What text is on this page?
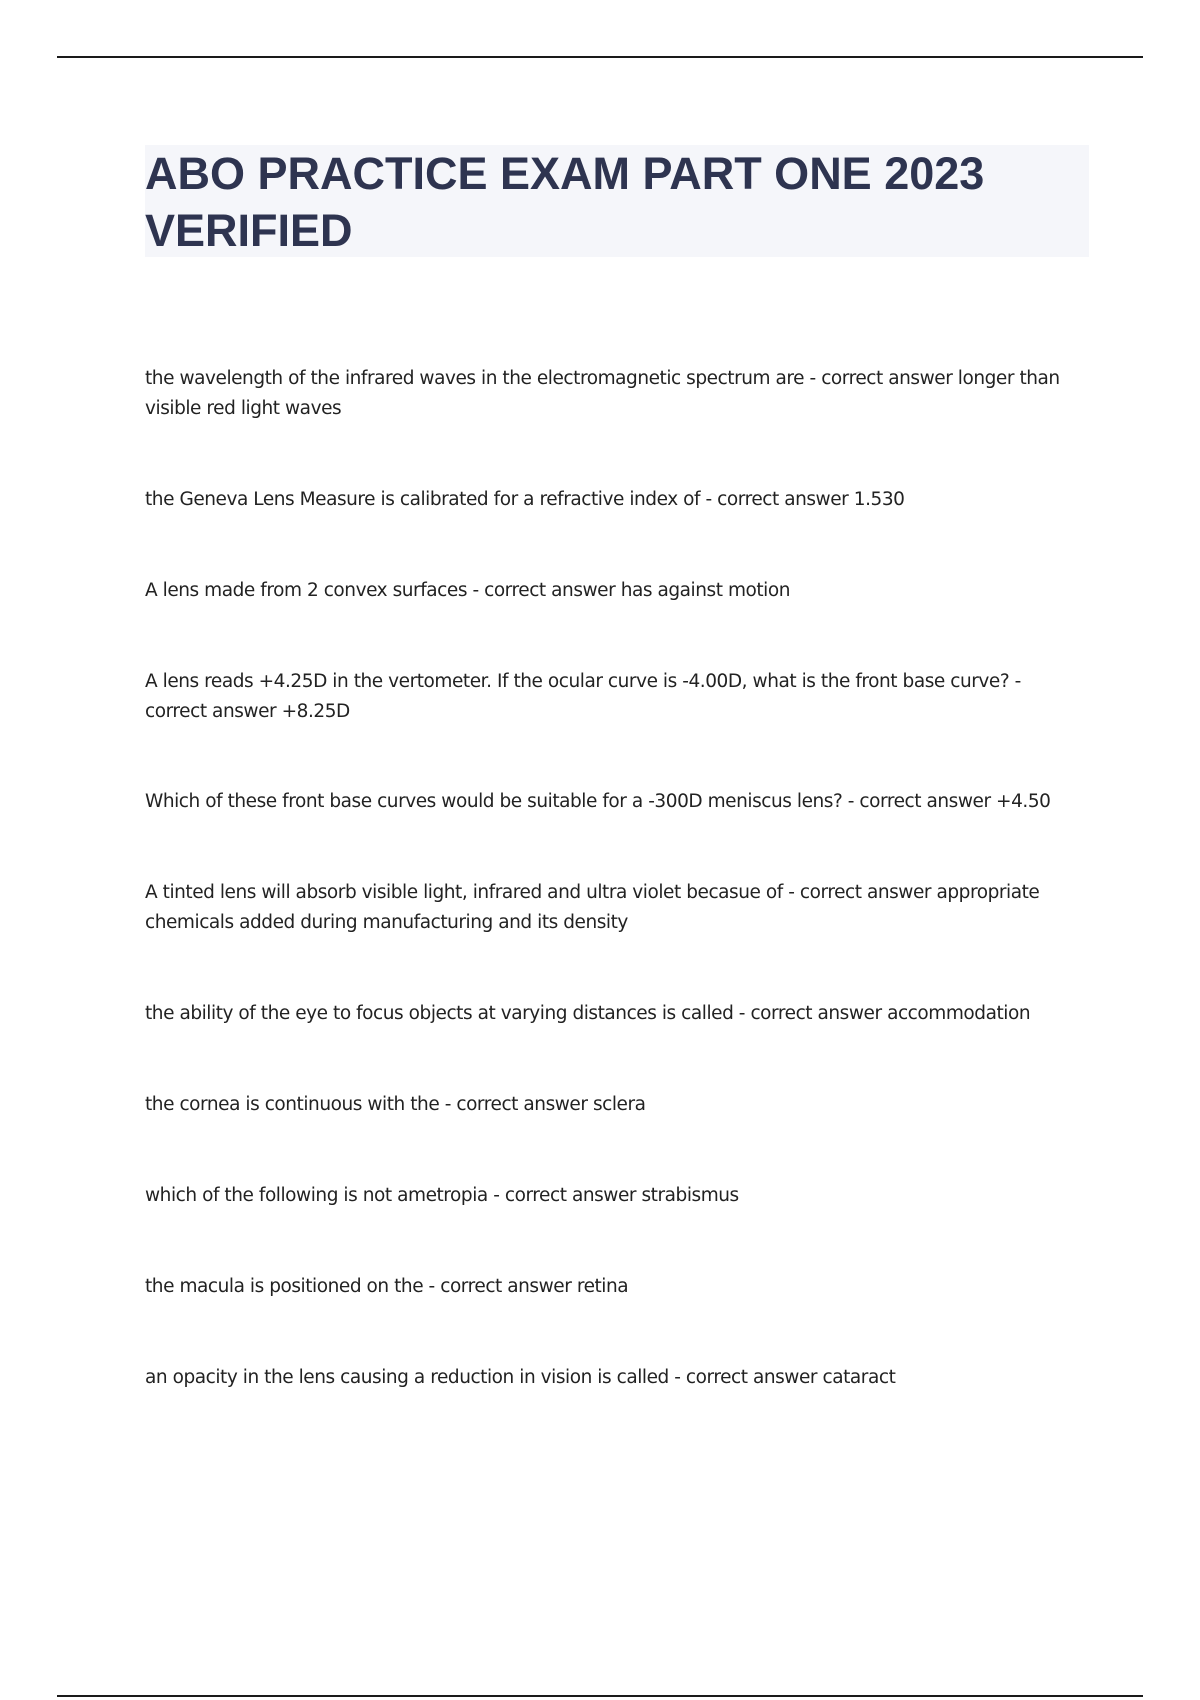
ABO PRACTICE EXAM PART ONE 2023 VERIFIED

the wavelength of the infrared waves in the electromagnetic spectrum are - correct answer longer than visible red light waves

the Geneva Lens Measure is calibrated for a refractive index of - correct answer 1.530

A lens made from 2 convex surfaces - correct answer has against motion

A lens reads +4.25D in the vertometer. If the ocular curve is -4.00D, what is the front base curve? - correct answer +8.25D

Which of these front base curves would be suitable for a -300D meniscus lens? - correct answer +4.50

A tinted lens will absorb visible light, infrared and ultra violet becasue of - correct answer appropriate chemicals added during manufacturing and its density

the ability of the eye to focus objects at varying distances is called - correct answer accommodation

the cornea is continuous with the - correct answer sclera

which of the following is not ametropia - correct answer strabismus

the macula is positioned on the - correct answer retina

an opacity in the lens causing a reduction in vision is called - correct answer cataract
